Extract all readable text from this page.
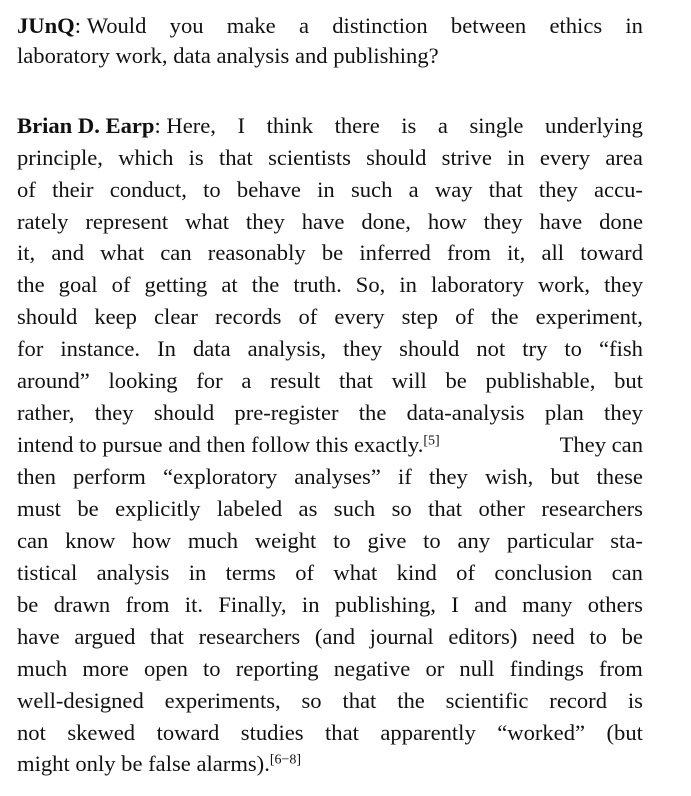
JUnQ: Would you make a distinction between ethics in
laboratory work, data analysis and publishing?
Brian D. Earp: Here, I think there is a single underlying
principle, which is that scientists should strive in every area
of their conduct, to behave in such a way that they accu-
rately represent what they have done, how they have done
it, and what can reasonably be inferred from it, all toward
the goal of getting at the truth. So, in laboratory work, they
should keep clear records of every step of the experiment,
for instance. In data analysis, they should not try to “fish
around” looking for a result that will be publishable, but
rather, they should pre-register the data-analysis plan they
intend to pursue and then follow this exactly.[5]	They can
then perform “exploratory analyses” if they wish, but these
must be explicitly labeled as such so that other researchers
can know how much weight to give to any particular sta-
tistical analysis in terms of what kind of conclusion can
be drawn from it. Finally, in publishing, I and many others
have argued that researchers (and journal editors) need to be
much more open to reporting negative or null findings from
well-designed experiments, so that the scientific record is
not skewed toward studies that apparently “worked” (but
might only be false alarms).[6−8]
